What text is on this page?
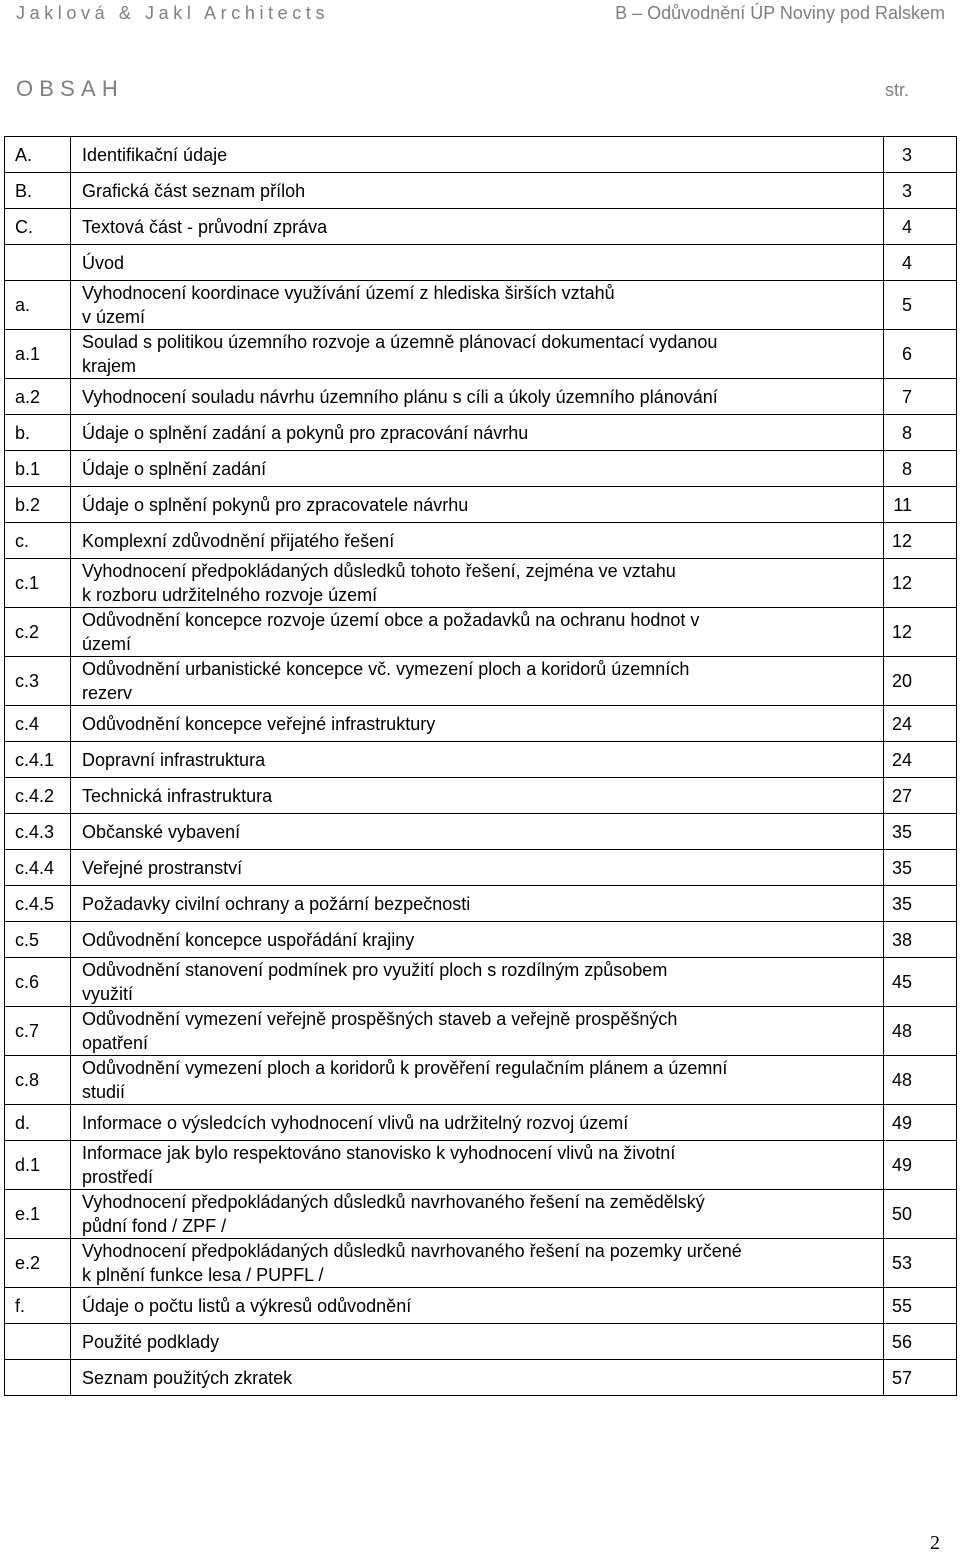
Jaklová & Jakl Architects	B – Odůvodnění ÚP Noviny pod Ralskem
OBSAH	str.
A.	Identifikační údaje	3
B.	Grafická část seznam příloh	3
C.	Textová část - průvodní zpráva	4

	Úvod	4
a.	Vyhodnocení koordinace využívání území z hlediska širších vztahů
v území	5
a.1	Soulad s politikou územního rozvoje a územně plánovací dokumentací vydanou
krajem	6
a.2	Vyhodnocení souladu návrhu územního plánu s cíli a úkoly územního plánování	7
b.	Údaje o splnění zadání a pokynů pro zpracování návrhu	8
b.1	Údaje o splnění zadání	8
b.2	Údaje o splnění pokynů pro zpracovatele návrhu	11
c.	Komplexní zdůvodnění přijatého řešení	12
c.1	Vyhodnocení předpokládaných důsledků tohoto řešení, zejména ve vztahu
k rozboru udržitelného rozvoje území	12
c.2	Odůvodnění koncepce rozvoje území obce a požadavků na ochranu hodnot v
území	12
c.3	Odůvodnění urbanistické koncepce vč. vymezení ploch a koridorů územních
rezerv	20
c.4	Odůvodnění koncepce veřejné infrastruktury	24
c.4.1	Dopravní infrastruktura	24
c.4.2	Technická infrastruktura	27
c.4.3	Občanské vybavení	35
c.4.4	Veřejné prostranství	35
c.4.5	Požadavky civilní ochrany a požární bezpečnosti	35
c.5	Odůvodnění koncepce uspořádání krajiny	38
c.6	Odůvodnění stanovení podmínek pro využití ploch s rozdílným způsobem
využití	45
c.7	Odůvodnění vymezení veřejně prospěšných staveb a veřejně prospěšných
opatření	48
c.8	Odůvodnění vymezení ploch a koridorů k prověření regulačním plánem a územní
studií	48
d.	Informace o výsledcích vyhodnocení vlivů na udržitelný rozvoj území	49
d.1	Informace jak bylo respektováno stanovisko k vyhodnocení vlivů na životní
prostředí	49
e.1	Vyhodnocení předpokládaných důsledků navrhovaného řešení na zemědělský
půdní fond / ZPF /	50
e.2	Vyhodnocení předpokládaných důsledků navrhovaného řešení na pozemky určené
k plnění funkce lesa / PUPFL /	53
f.	Údaje o počtu listů a výkresů odůvodnění	55

	Použité podklady	56

	Seznam použitých zkratek	57
2
